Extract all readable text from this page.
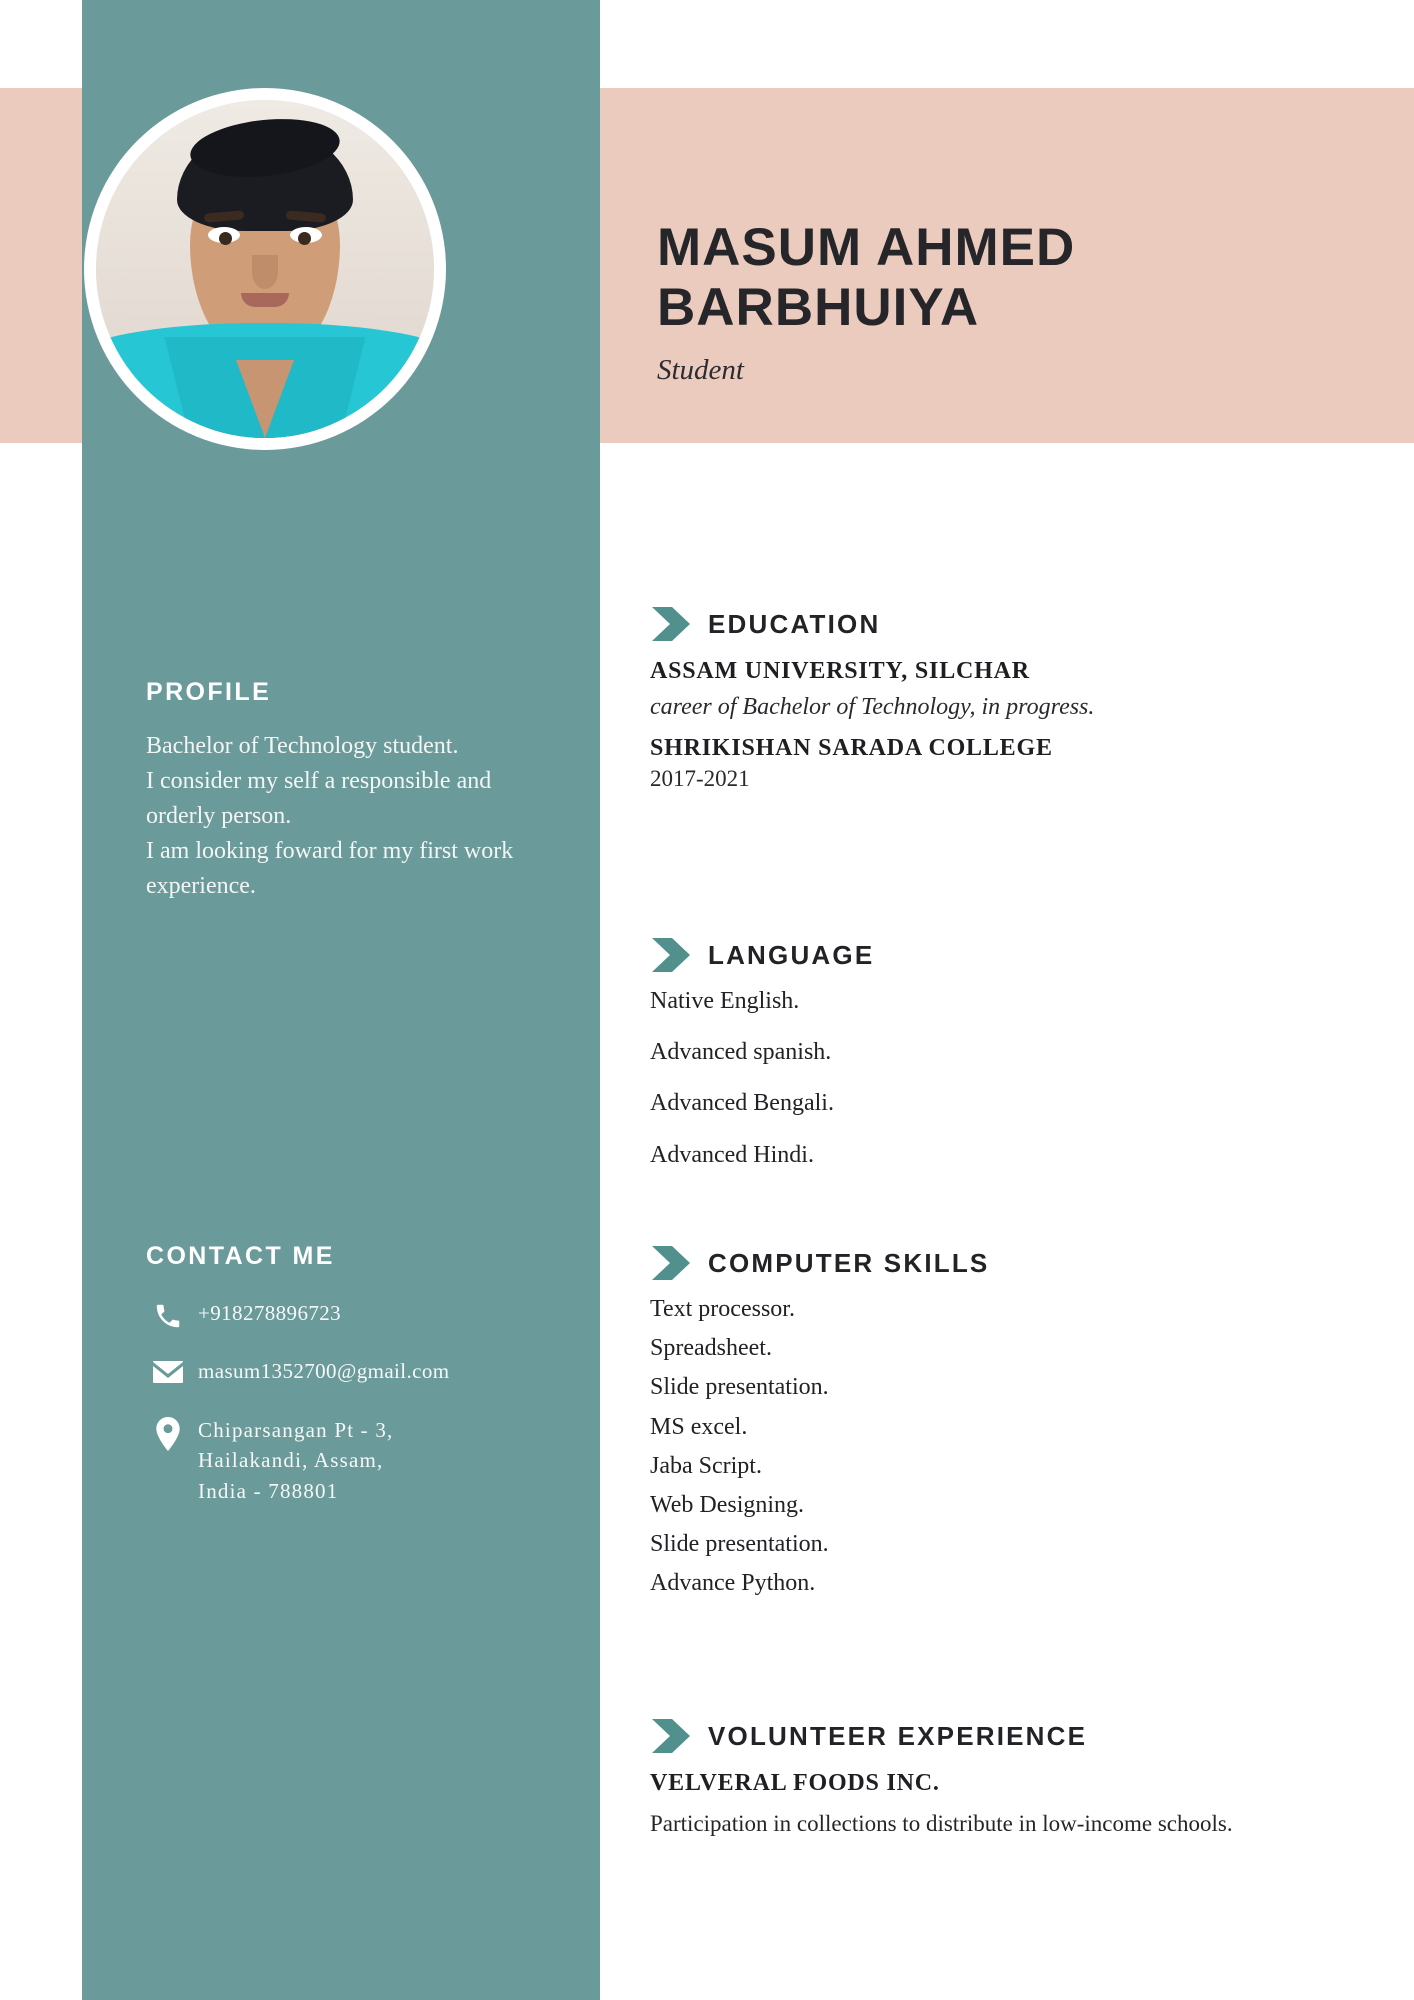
MASUM AHMED BARBHUIYA
Student
PROFILE
Bachelor of Technology student.
I consider my self a responsible and orderly person.
I am looking foward for my first work experience.
CONTACT ME
+918278896723
masum1352700@gmail.com
Chiparsangan Pt - 3,
Hailakandi, Assam,
India - 788801
EDUCATION
ASSAM UNIVERSITY, SILCHAR
career of Bachelor of Technology, in progress.
SHRIKISHAN SARADA COLLEGE
2017-2021
LANGUAGE
Native English.
Advanced spanish.
Advanced Bengali.
Advanced Hindi.
COMPUTER SKILLS
Text processor.
Spreadsheet.
Slide presentation.
MS excel.
Jaba Script.
Web Designing.
Slide presentation.
Advance Python.
VOLUNTEER EXPERIENCE
VELVERAL FOODS INC.
Participation in collections to distribute in low-income schools.
